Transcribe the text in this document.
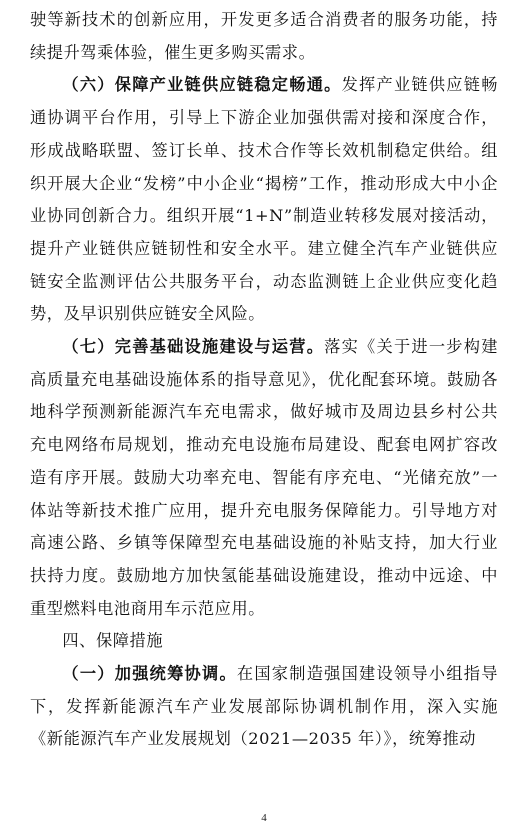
驶等新技术的创新应用，开发更多适合消费者的服务功能，持续提升驾乘体验，催生更多购买需求。

（六）保障产业链供应链稳定畅通。发挥产业链供应链畅通协调平台作用，引导上下游企业加强供需对接和深度合作，形成战略联盟、签订长单、技术合作等长效机制稳定供给。组织开展大企业“发榜”中小企业“揭榜”工作，推动形成大中小企业协同创新合力。组织开展“1+N”制造业转移发展对接活动，提升产业链供应链韧性和安全水平。建立健全汽车产业链供应链安全监测评估公共服务平台，动态监测链上企业供应变化趋势，及早识别供应链安全风险。

（七）完善基础设施建设与运营。落实《关于进一步构建高质量充电基础设施体系的指导意见》，优化配套环境。鼓励各地科学预测新能源汽车充电需求，做好城市及周边县乡村公共充电网络布局规划，推动充电设施布局建设、配套电网扩容改造有序开展。鼓励大功率充电、智能有序充电、“光储充放”一体站等新技术推广应用，提升充电服务保障能力。引导地方对高速公路、乡镇等保障型充电基础设施的补贴支持，加大行业扶持力度。鼓励地方加快氢能基础设施建设，推动中远途、中重型燃料电池商用车示范应用。

四、保障措施

（一）加强统筹协调。在国家制造强国建设领导小组指导下，发挥新能源汽车产业发展部际协调机制作用，深入实施《新能源汽车产业发展规划（2021—2035 年）》，统筹推动

4
